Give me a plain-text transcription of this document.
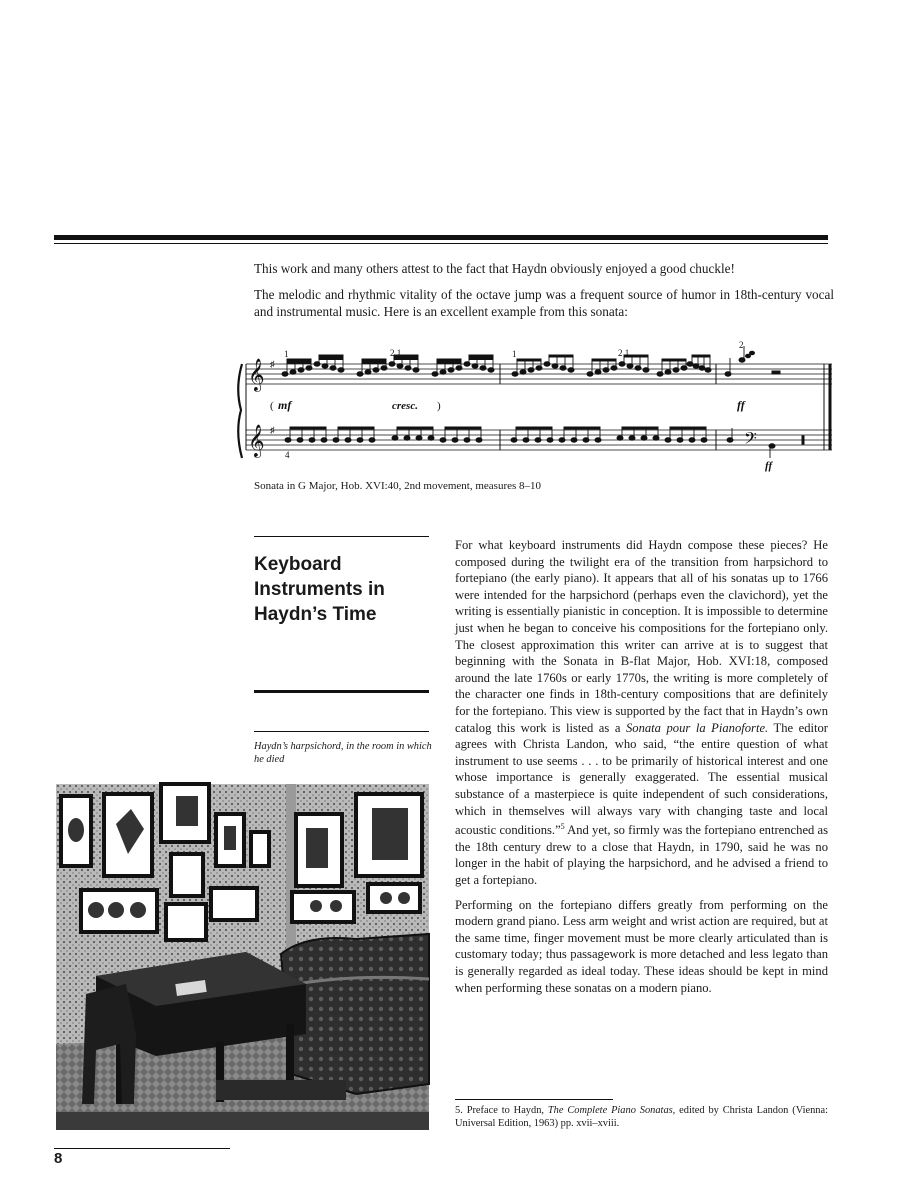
This work and many others attest to the fact that Haydn obviously enjoyed a good chuckle!

The melodic and rhythmic vitality of the octave jump was a frequent source of humor in 18th-century vocal and instrumental music. Here is an excellent example from this sonata:

𝄞
𝄞
♯
♯	𝄢
1	2 1	1	2 1
2
4
( mf	cresc. )	ff
ff

Sonata in G Major, Hob. XVI:40, 2nd movement, measures 8–10

Keyboard
Instruments in
Haydn’s Time

Haydn’s harpsichord, in the room in which he died

For what keyboard instruments did Haydn compose these pieces? He composed during the twilight era of the transition from harpsichord to fortepiano (the early piano). It appears that all of his sonatas up to 1766 were intended for the harpsichord (perhaps even the clavichord), yet the writing is essentially pianistic in conception. It is impossible to determine just when he began to conceive his compositions for the fortepiano only. The closest approximation this writer can arrive at is to suggest that beginning with the Sonata in B-flat Major, Hob. XVI:18, composed around the late 1760s or early 1770s, the writing is more completely of the character one finds in 18th-century compositions that are definitely for the fortepiano. This view is supported by the fact that in Haydn’s own catalog this work is listed as a Sonata pour la Pianoforte. The editor agrees with Christa Landon, who said, “the entire question of what instrument to use seems . . . to be primarily of historical interest and one whose importance is generally exaggerated. The essential musical substance of a masterpiece is quite independent of such considerations, which in themselves will always vary with changing taste and local acoustic conditions.”$^5$ And yet, so firmly was the fortepiano entrenched as the 18th century drew to a close that Haydn, in 1790, said he was no longer in the habit of playing the harpsichord, and he advised a friend to get a fortepiano.

Performing on the fortepiano differs greatly from performing on the modern grand piano. Less arm weight and wrist action are required, but at the same time, finger movement must be more clearly articulated than is customary today; thus passagework is more detached and less legato than is generally regarded as ideal today. These ideas should be kept in mind when performing these sonatas on a modern piano.

5. Preface to Haydn, The Complete Piano Sonatas, edited by Christa Landon (Vienna: Universal Edition, 1963) pp. xvii–xviii.

8
